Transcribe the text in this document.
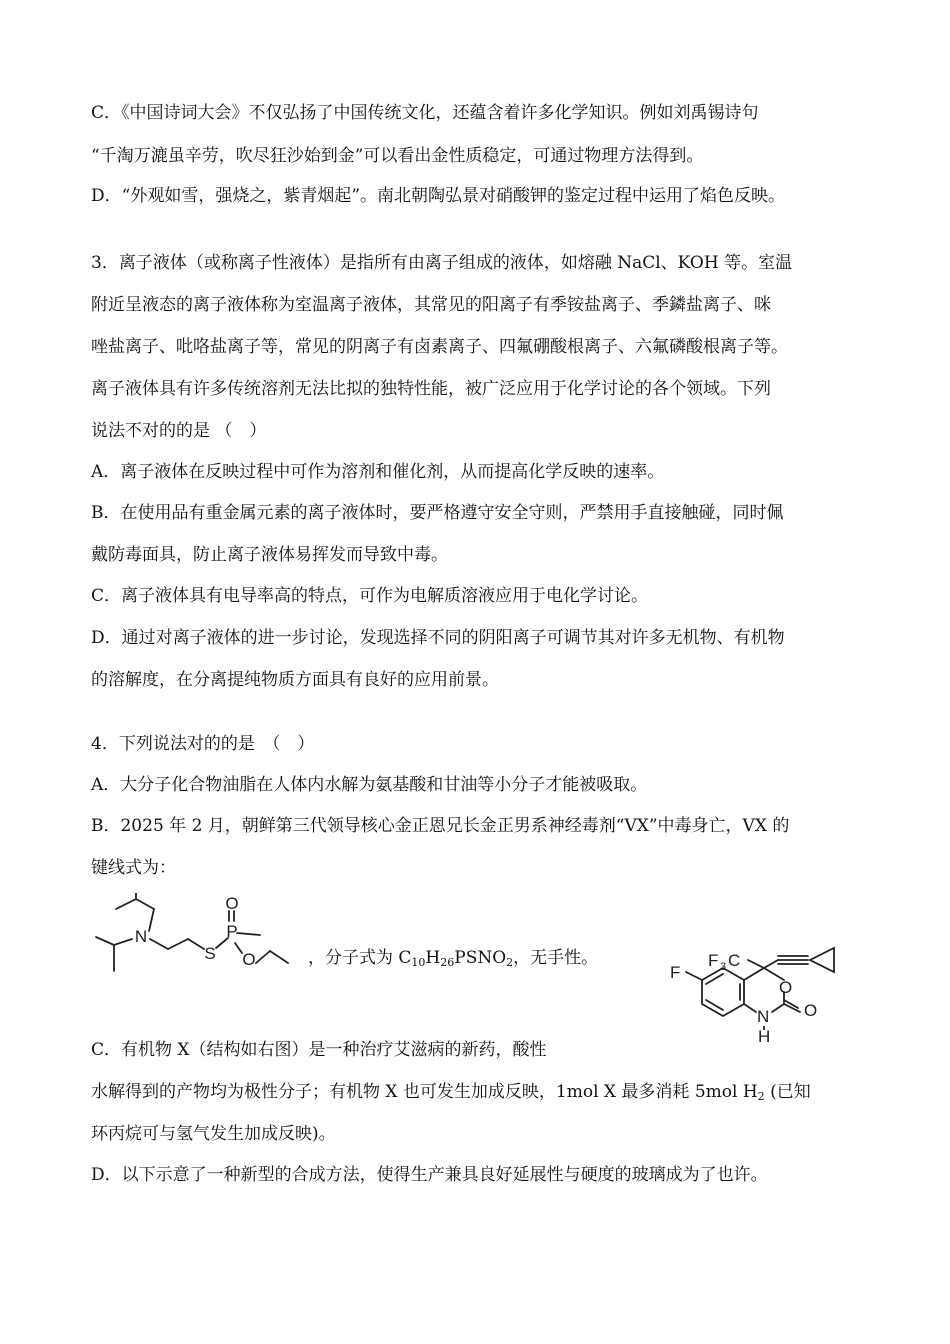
C．《中国诗词大会》不仅弘扬了中国传统文化，还蕴含着许多化学知识。例如刘禹锡诗句
“千淘万漉虽辛劳，吹尽狂沙始到金”可以看出金性质稳定，可通过物理方法得到。
D．“外观如雪，强烧之，紫青烟起”。南北朝陶弘景对硝酸钾的鉴定过程中运用了焰色反映。
3．离子液体（或称离子性液体）是指所有由离子组成的液体，如熔融 NaCl、KOH 等。室温
附近呈液态的离子液体称为室温离子液体，其常见的阳离子有季铵盐离子、季鏻盐离子、咪
唑盐离子、吡咯盐离子等，常见的阴离子有卤素离子、四氟硼酸根离子、六氟磷酸根离子等。
离子液体具有许多传统溶剂无法比拟的独特性能，被广泛应用于化学讨论的各个领域。下列
说法不对的的是 （　）
A．离子液体在反映过程中可作为溶剂和催化剂，从而提高化学反映的速率。
B．在使用品有重金属元素的离子液体时，要严格遵守安全守则，严禁用手直接触碰，同时佩
戴防毒面具，防止离子液体易挥发而导致中毒。
C．离子液体具有电导率高的特点，可作为电解质溶液应用于电化学讨论。
D．通过对离子液体的进一步讨论，发现选择不同的阴阳离子可调节其对许多无机物、有机物
的溶解度，在分离提纯物质方面具有良好的应用前景。
4．下列说法对的的是　（　）
A．大分子化合物油脂在人体内水解为氨基酸和甘油等小分子才能被吸取。
B．2025 年 2 月，朝鲜第三代领导核心金正恩兄长金正男系神经毒剂“VX”中毒身亡，VX 的
键线式为：
N
S
P
O
O	，分子式为 $C_{10}H_{26}PSNO_2$，无手性。
F
F 3 C
O
O
N
H
C．有机物 X（结构如右图）是一种治疗艾滋病的新药，酸性
水解得到的产物均为极性分子；有机物 X 也可发生加成反映，1mol X 最多消耗 5mol $H_2$ (已知
环丙烷可与氢气发生加成反映)。
D．以下示意了一种新型的合成方法，使得生产兼具良好延展性与硬度的玻璃成为了也许。
